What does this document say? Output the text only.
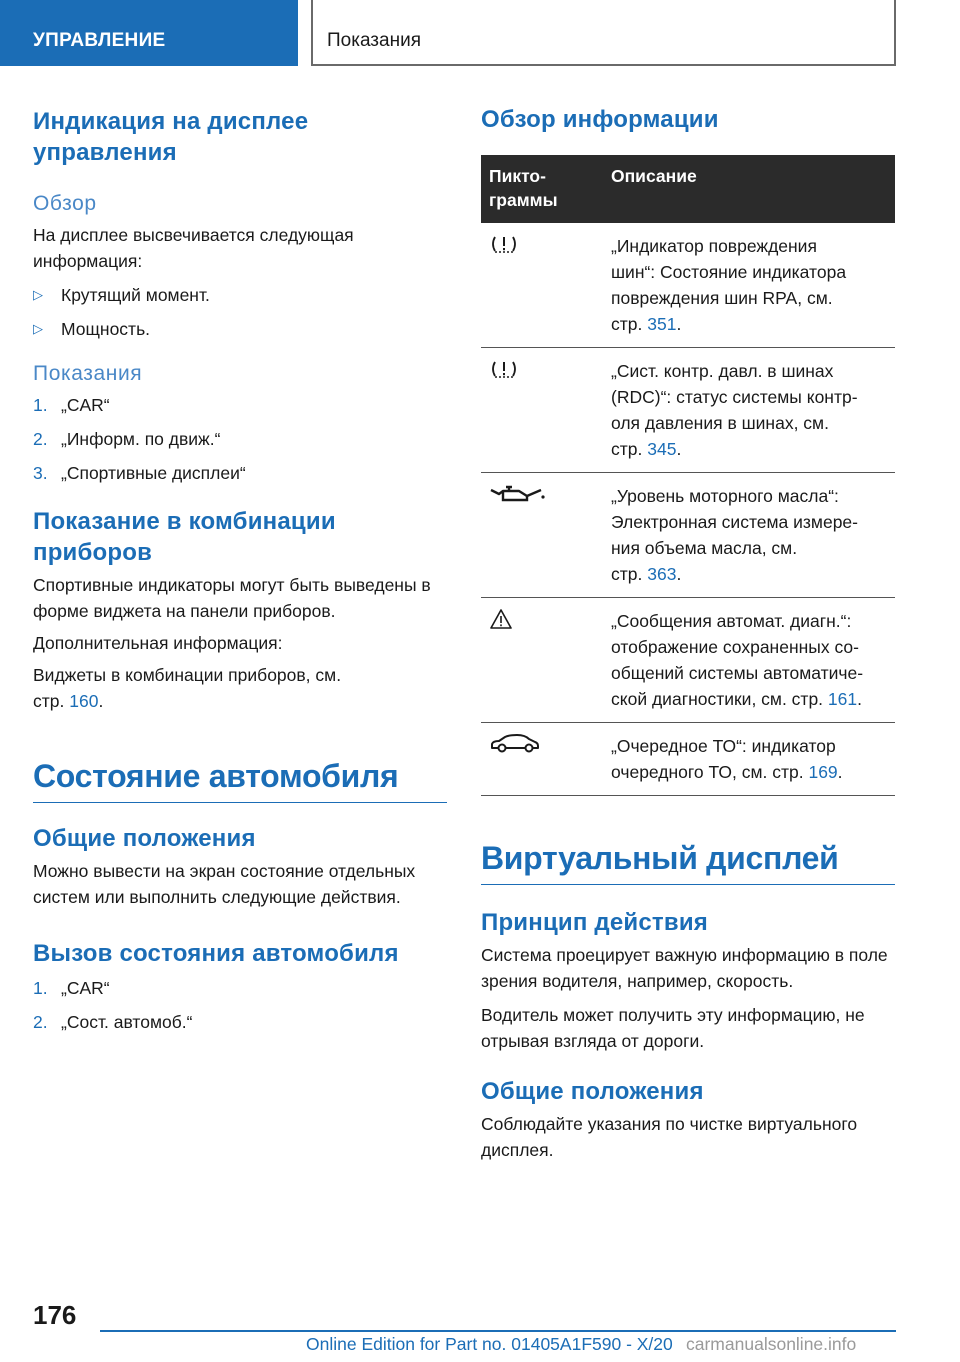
УПРАВЛЕНИЕ	Показания
Индикация на дисплее управления
Обзор

На дисплее высвечивается следующая информация:

▷	Крутящий момент.
▷	Мощность.
Показания
1. „CAR“
2. „Информ. по движ.“
3. „Спортивные дисплеи“
Показание в комбинации приборов

Спортивные индикаторы могут быть выведены в форме виджета на панели приборов.

Дополнительная информация:

Виджеты в комбинации приборов, см.
стр. 160.

Состояние автомобиля
Общие положения

Можно вывести на экран состояние отдельных систем или выполнить следующие действия.

Вызов состояния автомобиля
1. „CAR“
2. „Сост. автомоб.“
Обзор информации
Пикто-
граммы	Описание
	„Индикатор повреждения
шин“: Состояние индикатора
повреждения шин RPA, см.
стр. 351.
	„Сист. контр. давл. в шинах
(RDC)“: статус системы контр-
оля давления в шинах, см.
стр. 345.
	„Уровень моторного масла“:
Электронная система измере-
ния объема масла, см.
стр. 363.
	„Сообщения автомат. диагн.“:
отображение сохраненных со-
общений системы автоматиче-
ской диагностики, см. стр. 161.
	„Очередное ТО“: индикатор
очередного ТО, см. стр. 169.
Виртуальный дисплей
Принцип действия

Система проецирует важную информацию в поле зрения водителя, например, скорость.

Водитель может получить эту информацию, не отрывая взгляда от дороги.

Общие положения

Соблюдайте указания по чистке виртуального дисплея.

176
Online Edition for Part no. 01405A1F590 - X/20 carmanualsonline.info
